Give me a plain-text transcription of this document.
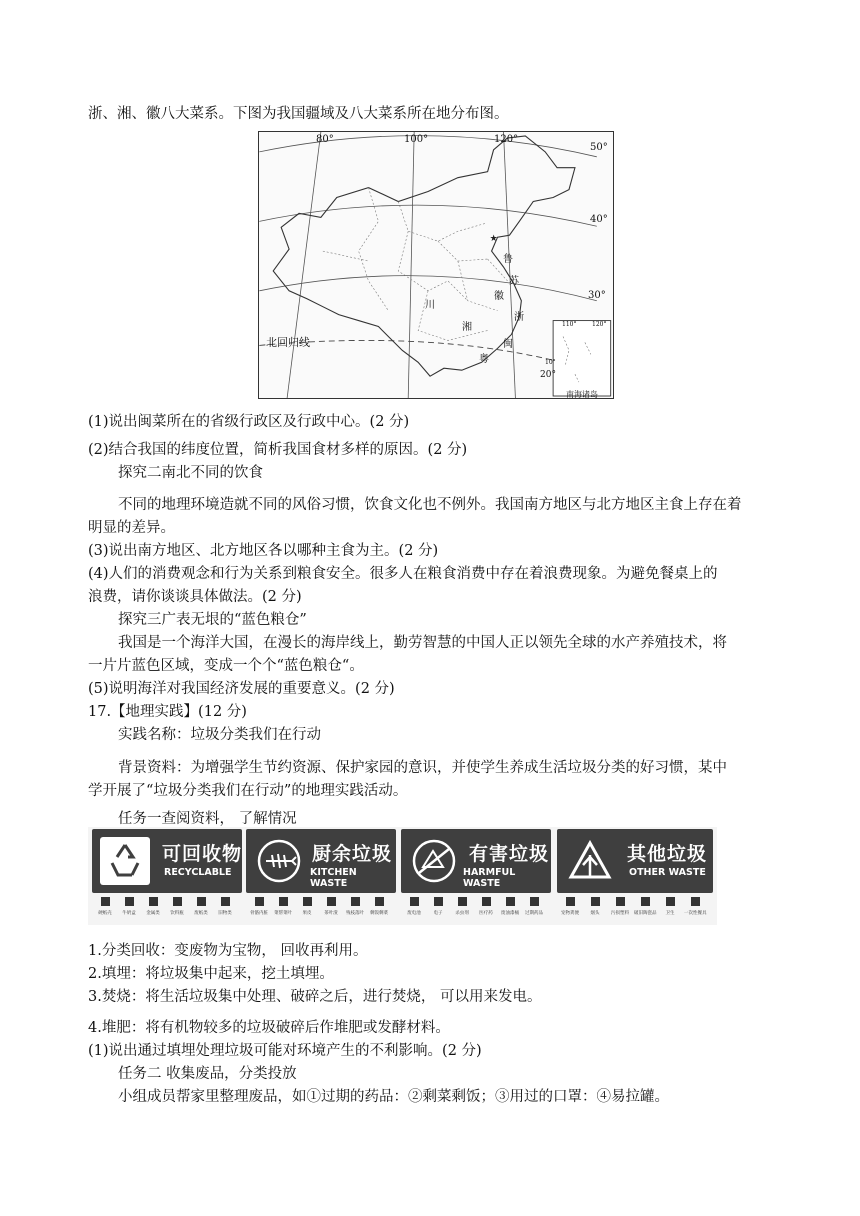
浙、湘、徽八大菜系。下图为我国疆域及八大菜系所在地分布图。
★
80°	100°	120°
50°
40°
30°
北回归线
鲁
苏
川
徽
浙
湘
闽
粤
110°	120°
20°
10°
南海诸岛
(1)说出闽菜所在的省级行政区及行政中心。(2 分)
(2)结合我国的纬度位置，简析我国食材多样的原因。(2 分)
探究二南北不同的饮食
不同的地理环境造就不同的风俗习惯，饮食文化也不例外。我国南方地区与北方地区主食上存在着
明显的差异。
(3)说出南方地区、北方地区各以哪种主食为主。(2 分)
(4)人们的消费观念和行为关系到粮食安全。很多人在粮食消费中存在着浪费现象。为避免餐桌上的
浪费，请你谈谈具体做法。(2 分)
探究三广表无垠的“蓝色粮仓”
我国是一个海洋大国，在漫长的海岸线上，勤劳智慧的中国人正以领先全球的水产养殖技术，将
一片片蓝色区域，变成一个个“蓝色粮仓“。
(5)说明海洋对我国经济发展的重要意义。(2 分)
17.【地理实践】(12 分)
实践名称：垃圾分类我们在行动
背景资料：为增强学生节约资源、保护家园的意识，并使学生养成生活垃圾分类的好习惯，某中
学开展了“垃圾分类我们在行动”的地理实践活动。
任务一查阅资料， 了解情况
可回收物
RECYCLABLE
硬纸壳	牛奶盒	金属类	饮料瓶	废纸类	旧物类
厨余垃圾
KITCHEN WASTE
骨骼内脏	菜帮菜叶	果皮	茶叶渣	残枝落叶	剩饭剩菜
有害垃圾
HARMFUL WASTE
废电池	电子	杀虫剂	医疗药	废油漆桶	过期药品
其他垃圾
OTHER WASTE
宠物粪便	烟头	污损塑料	破旧陶瓷品	卫生	一次性餐具
1.分类回收：变废物为宝物， 回收再利用。
2.填埋：将垃圾集中起来，挖土填埋。
3.焚烧：将生活垃圾集中处理、破碎之后，进行焚烧， 可以用来发电。
4.堆肥：将有机物较多的垃圾破碎后作堆肥或发酵材料。
(1)说出通过填埋处理垃圾可能对环境产生的不利影响。(2 分)
任务二 收集废品，分类投放
小组成员帮家里整理废品，如①过期的药品：②剩菜剩饭；③用过的口罩：④易拉罐。
